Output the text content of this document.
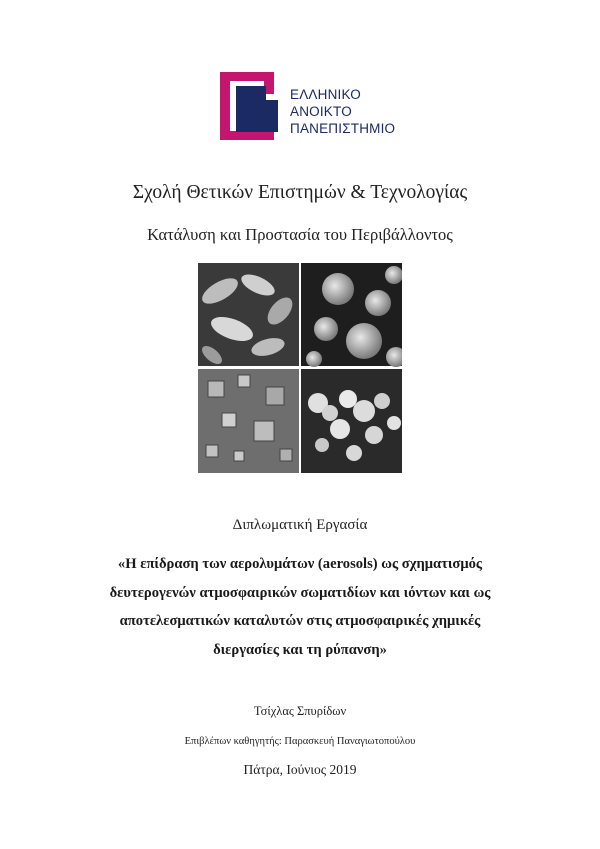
ΕΛΛΗΝΙΚΟ
ΑΝΟΙΚΤΟ
ΠΑΝΕΠΙΣΤΗΜΙΟ
Σχολή Θετικών Επιστημών & Τεχνολογίας
Κατάλυση και Προστασία του Περιβάλλοντος
Διπλωματική Εργασία
«Η επίδραση των αερολυμάτων (aerosols) ως σχηματισμός
δευτερογενών ατμοσφαιρικών σωματιδίων και ιόντων και ως
αποτελεσματικών καταλυτών στις ατμοσφαιρικές χημικές
διεργασίες και τη ρύπανση»
Τσίχλας Σπυρίδων
Επιβλέπων καθηγητής: Παρασκευή Παναγιωτοπούλου
Πάτρα, Ιούνιος 2019
